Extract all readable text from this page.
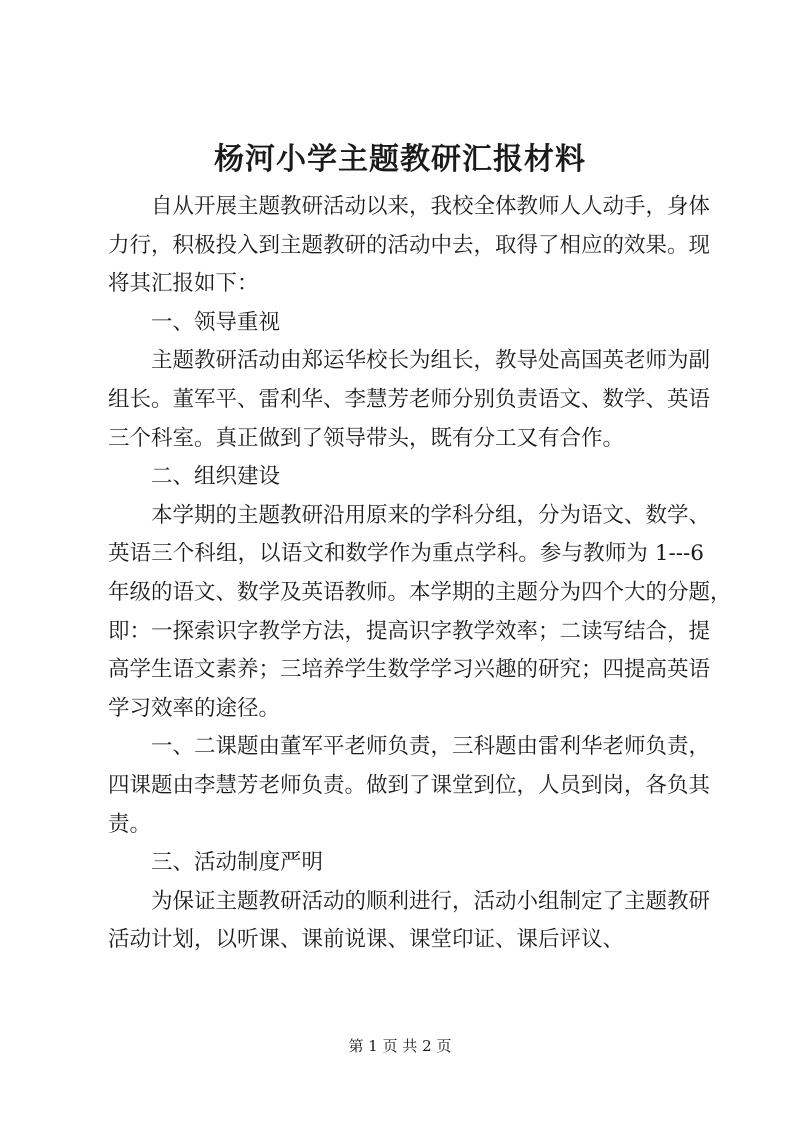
杨河小学主题教研汇报材料
自从开展主题教研活动以来，我校全体教师人人动手，身体
力行，积极投入到主题教研的活动中去，取得了相应的效果。现
将其汇报如下：
一、领导重视
主题教研活动由郑运华校长为组长，教导处高国英老师为副
组长。董军平、雷利华、李慧芳老师分别负责语文、数学、英语
三个科室。真正做到了领导带头，既有分工又有合作。
二、组织建设
本学期的主题教研沿用原来的学科分组，分为语文、数学、
英语三个科组，以语文和数学作为重点学科。参与教师为 1---6
年级的语文、数学及英语教师。本学期的主题分为四个大的分题，
即：一探索识字教学方法，提高识字教学效率；二读写结合，提
高学生语文素养；三培养学生数学学习兴趣的研究；四提高英语
学习效率的途径。
一、二课题由董军平老师负责，三科题由雷利华老师负责，
四课题由李慧芳老师负责。做到了课堂到位，人员到岗，各负其
责。
三、活动制度严明
为保证主题教研活动的顺利进行，活动小组制定了主题教研
活动计划，以听课、课前说课、课堂印证、课后评议、
第 1 页 共 2 页
